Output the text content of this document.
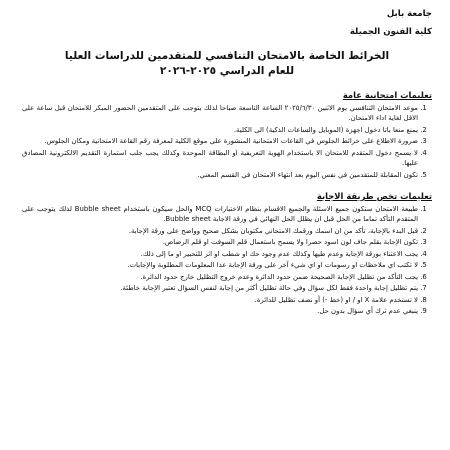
جامعة بابل
كلية الفنون الجميلة
الخرائط الخاصة بالامتحان التنافسي للمتقدمين للدراسات العليا
للعام الدراسي ٢٠٢٥-٢٠٢٦
تعليمات امتحانية عامة
1. موعد الامتحان التنافسي يوم الاثنين ٢٠٢٥/٦/٣٠ الساعة التاسعة صباحا لذلك يتوجب على المتقدمين الحضور المبكر للامتحان قبل ساعة على الاقل لغاية اداء الامتحان.
2. يمنع منعا باتا دخول اجهزة (الموبايل والساعات الذكية) الى الكلية.
3. ضرورة الاطلاع على خرائط الجلوس في القاعات الامتحانية المنشورة على موقع الكلية لمعرفة رقم القاعة الامتحانية ومكان الجلوس.
4. لا يسمح دخول المتقدم للامتحان الا باستخدام الهوية التعريفية او البطاقة الموحدة وكذلك يجب جلب استمارة التقديم الالكترونية المصادق عليها.
5. تكون المقابلة للمتقدمين في نفس اليوم بعد انتهاء الامتحان في القسم المعني.
تعليمات تخص طريقة الاجابة
1. طبيعة الامتحان ستكون جميع الاسئلة والجميع الاقسام بنظام الاختبارات MCQ والحل سيكون باستخدام Bubble sheet لذلك يتوجب على المتقدم التأكد تماما من الحل قبل ان يظلل الحل النهائي في ورقة الاجابة Bubble sheet.
2. قبل البدء بالإجابة، تأكد من ان اسمك ورقمك الامتحاني مكتوبان بشكل صحيح وواضح على ورقة الإجابة.
3. تكون الإجابة بقلم جاف لون اسود حصرا ولا يسمح باستعمال قلم السوفت او قلم الرصاص.
4. يجب الاعتناء بورقة الإجابة وعدم طيها وكذلك عدم وجود حك او شطب او اثر للتحبير او ما إلى ذلك.
5. لا تكتب اي ملاحظات او رسومات او اي شيء آخر على ورقة الإجابة عدا المعلومات المطلوبة والإجابات.
6. يجب التأكد من تظليل الإجابة الصحيحة ضمن حدود الدائرة وعدم خروج التظليل خارج حدود الدائرة.
7. يتم تظليل إجابة واحدة فقط لكل سؤال وفي حالة تظليل أكثر من إجابة لنفس السؤال تعتبر الإجابة خاطئة.
8. لا تستخدم علامة X او / او (خط -) أو نصف تظليل للدائرة.
9. ينبغي عدم ترك أي سؤال بدون حل.
